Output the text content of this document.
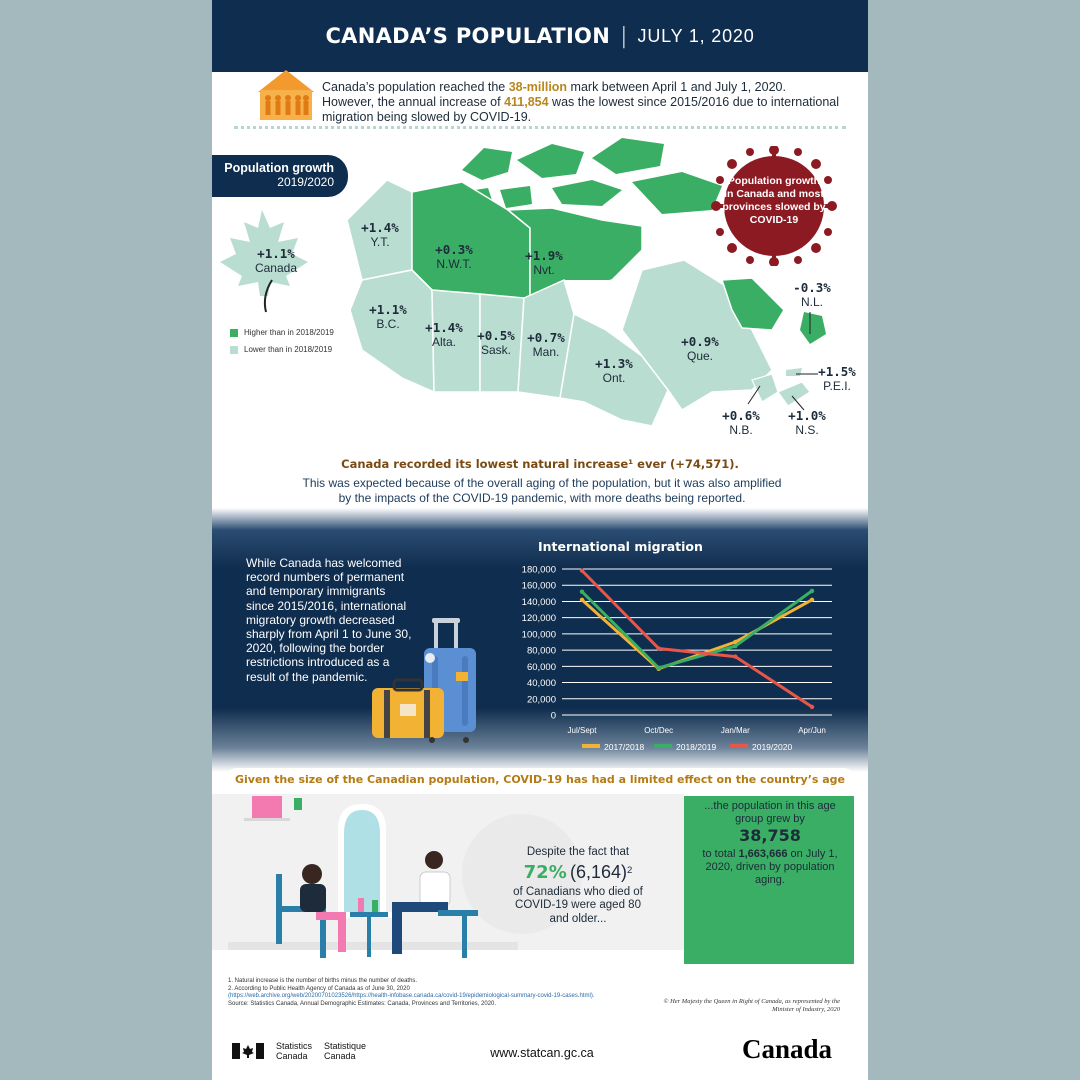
CANADA’S POPULATION | JULY 1, 2020
Canada’s population reached the 38-million mark between April 1 and July 1, 2020.
However, the annual increase of 411,854 was the lowest since 2015/2016 due to international migration being slowed by COVID-19.
Population growth
2019/2020	Population growth in Canada and most provinces slowed by COVID-19
+1.1%
Canada
+1.4%
Y.T.	+0.3%
N.W.T.
+1.9%
Nvt.
+1.1%
B.C.	+1.4%
Alta.	+0.5%
Sask.
+0.7%
Man.
+1.3%
Ont.
+0.9%
Que.
-0.3%
N.L.
+1.5%
P.E.I.
+0.6%
N.B.
+1.0%
N.S.
Higher than in 2018/2019
Lower than in 2018/2019
Canada recorded its lowest natural increase¹ ever (+74,571).
This was expected because of the overall aging of the population, but it was also amplified by the impacts of the COVID-19 pandemic, with more deaths being reported.
While Canada has welcomed record numbers of permanent and temporary immigrants since 2015/2016, international migratory growth decreased sharply from April 1 to June 30, 2020, following the border restrictions introduced as a result of the pandemic.
International migration
0
20,000
40,000
60,000
80,000
100,000
120,000
140,000
160,000
180,000
Jul/Sept	Oct/Dec	Jan/Mar	Apr/Jun
2017/2018	2018/2019	2019/2020
Given the size of the Canadian population, COVID-19 has had a limited effect on the country’s age
Despite the fact that
72% $(6,164)^2$
of Canadians who died of COVID-19 were aged 80 and older...
...the population in this age group grew by
38,758
to total 1,663,666 on July 1, 2020, driven by population aging.
1. Natural increase is the number of births minus the number of deaths.
2. According to Public Health Agency of Canada as of June 30, 2020
(https://web.archive.org/web/20200701023526/https://health-infobase.canada.ca/covid-19/epidemiological-summary-covid-19-cases.html).
Source: Statistics Canada, Annual Demographic Estimates: Canada, Provinces and Territories, 2020.	© Her Majesty the Queen in Right of Canada, as represented by the Minister of Industry, 2020
Statistics
Canada
Statistique
Canada	www.statcan.gc.ca	Canada
